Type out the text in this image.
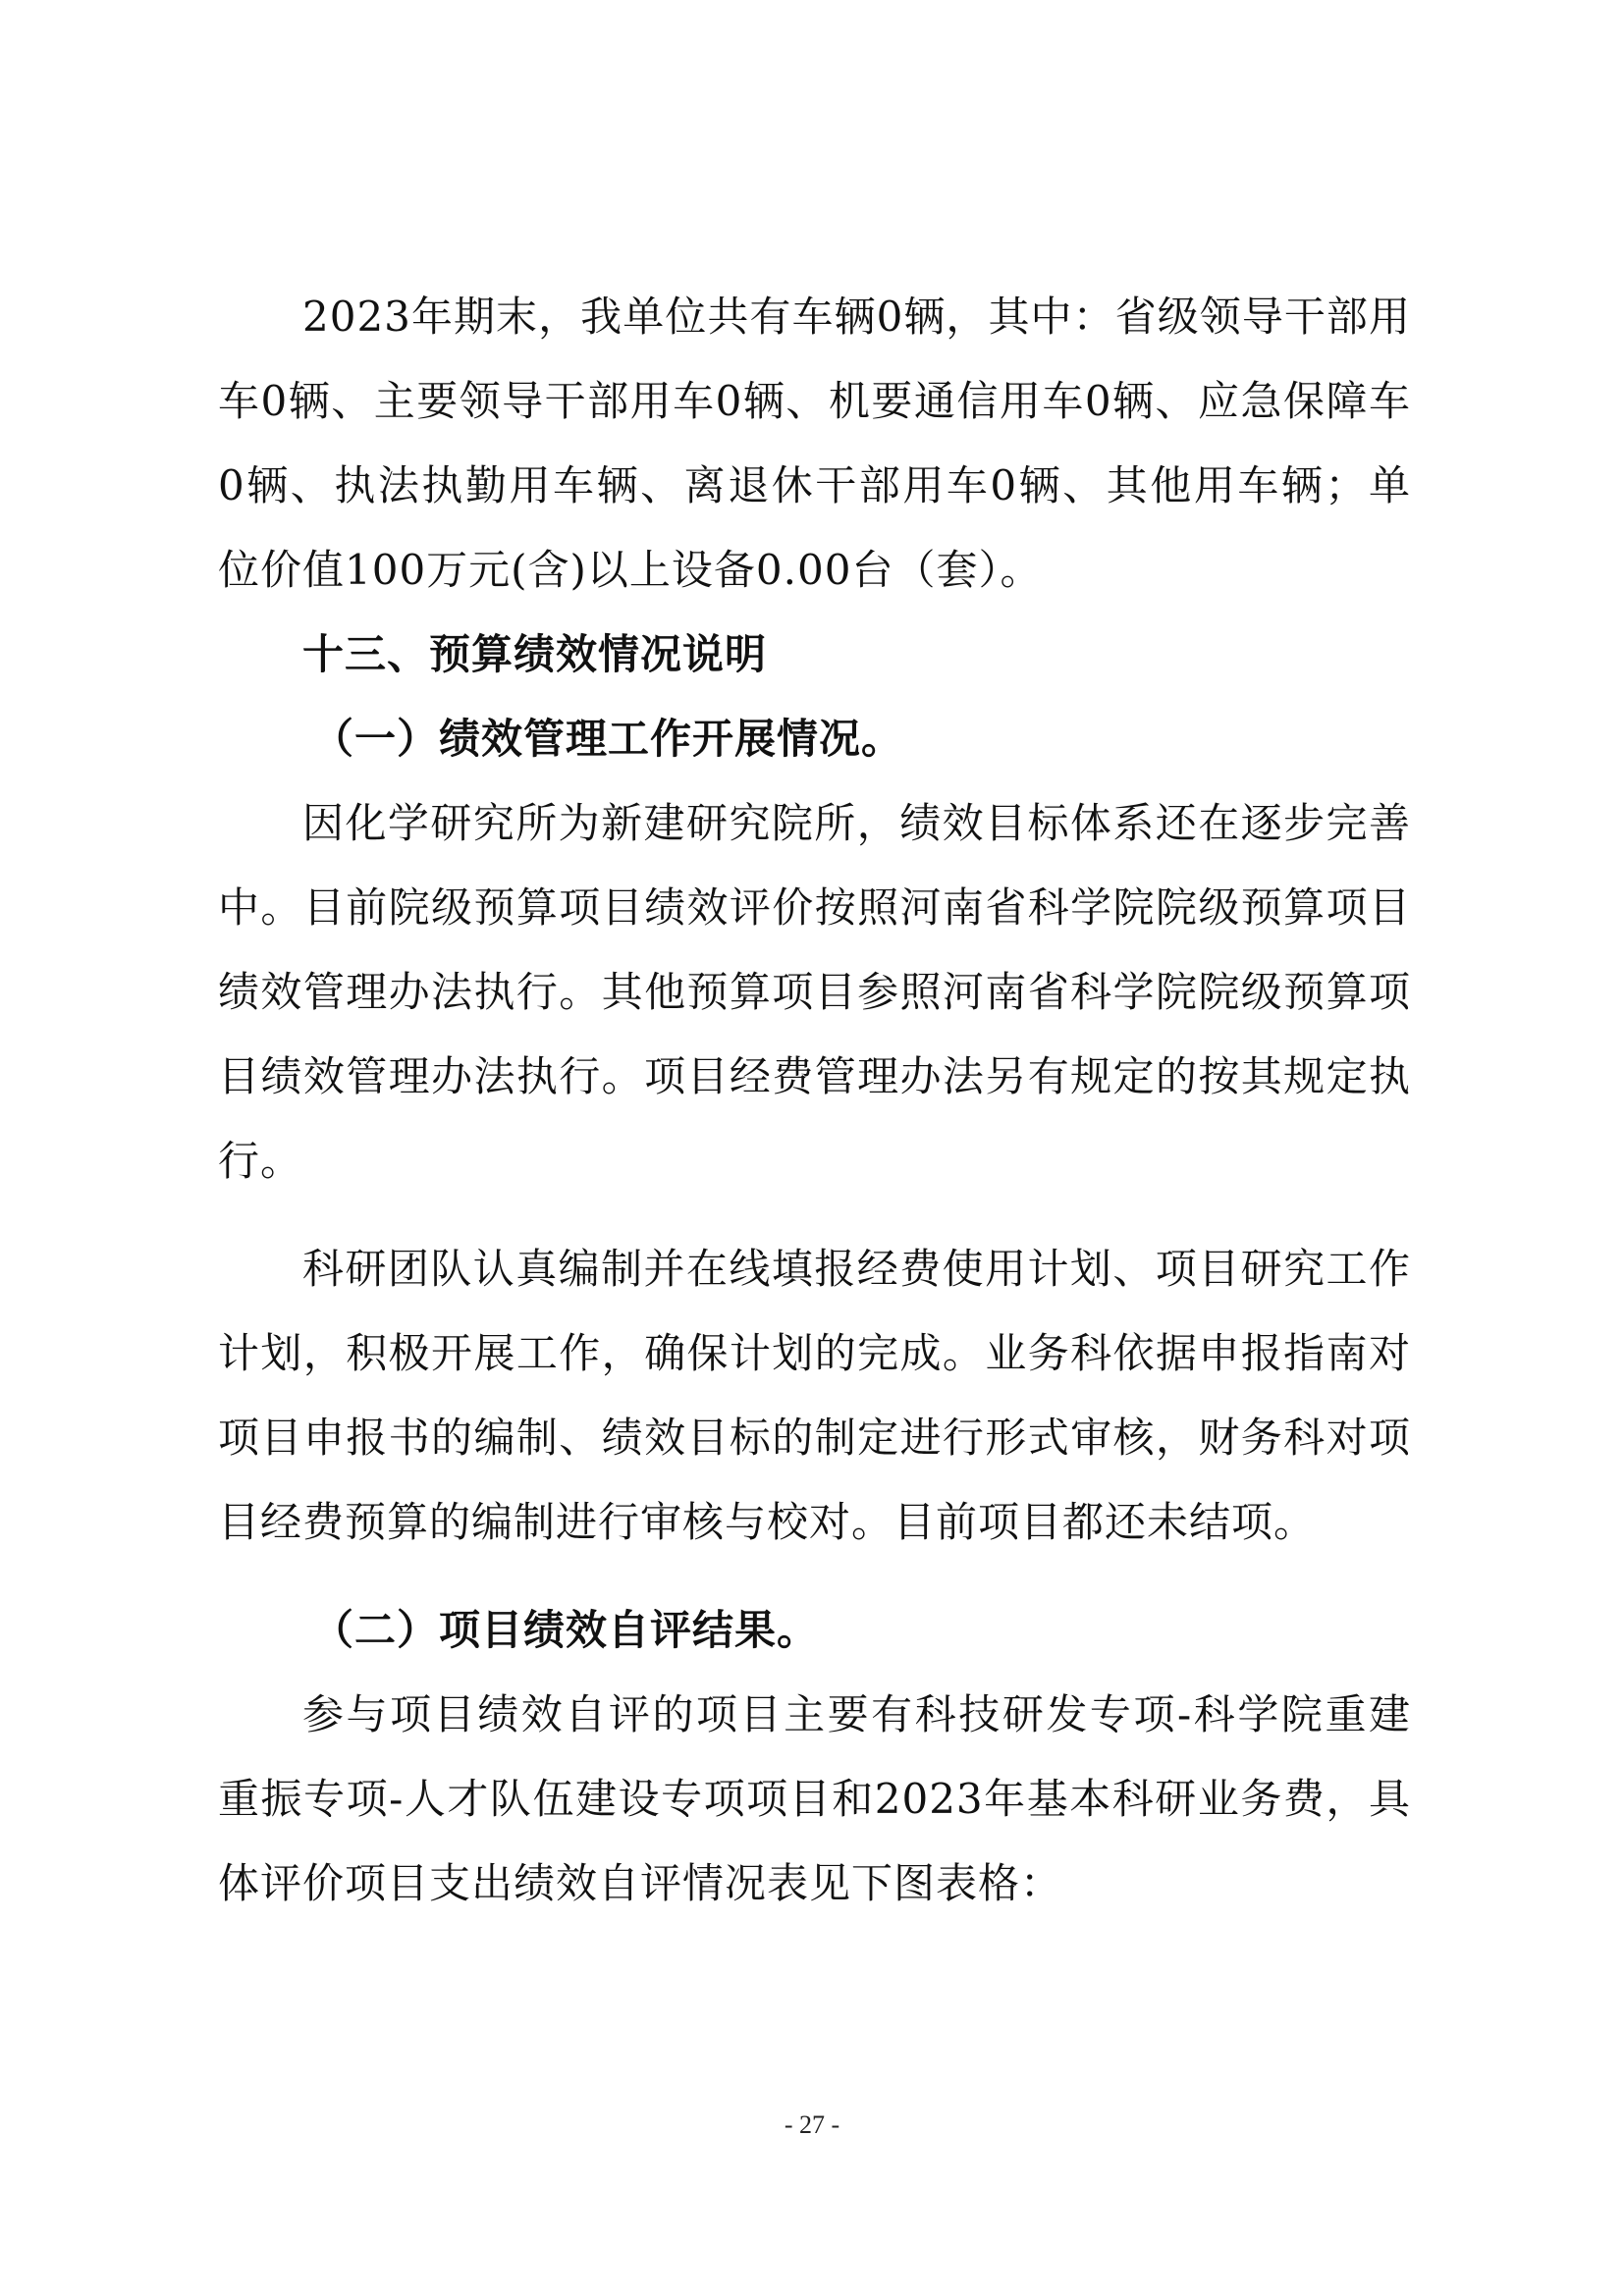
2023年期末，我单位共有车辆0辆，其中：省级领导干部用车0辆、主要领导干部用车0辆、机要通信用车0辆、应急保障车0辆、执法执勤用车辆、离退休干部用车0辆、其他用车辆；单位价值100万元(含)以上设备0.00台（套）。

十三、预算绩效情况说明

（一）绩效管理工作开展情况。

因化学研究所为新建研究院所，绩效目标体系还在逐步完善中。目前院级预算项目绩效评价按照河南省科学院院级预算项目绩效管理办法执行。其他预算项目参照河南省科学院院级预算项目绩效管理办法执行。项目经费管理办法另有规定的按其规定执行。

科研团队认真编制并在线填报经费使用计划、项目研究工作计划，积极开展工作，确保计划的完成。业务科依据申报指南对项目申报书的编制、绩效目标的制定进行形式审核，财务科对项目经费预算的编制进行审核与校对。目前项目都还未结项。

（二）项目绩效自评结果。

参与项目绩效自评的项目主要有科技研发专项-科学院重建重振专项-人才队伍建设专项项目和2023年基本科研业务费，具体评价项目支出绩效自评情况表见下图表格：

- 27 -
